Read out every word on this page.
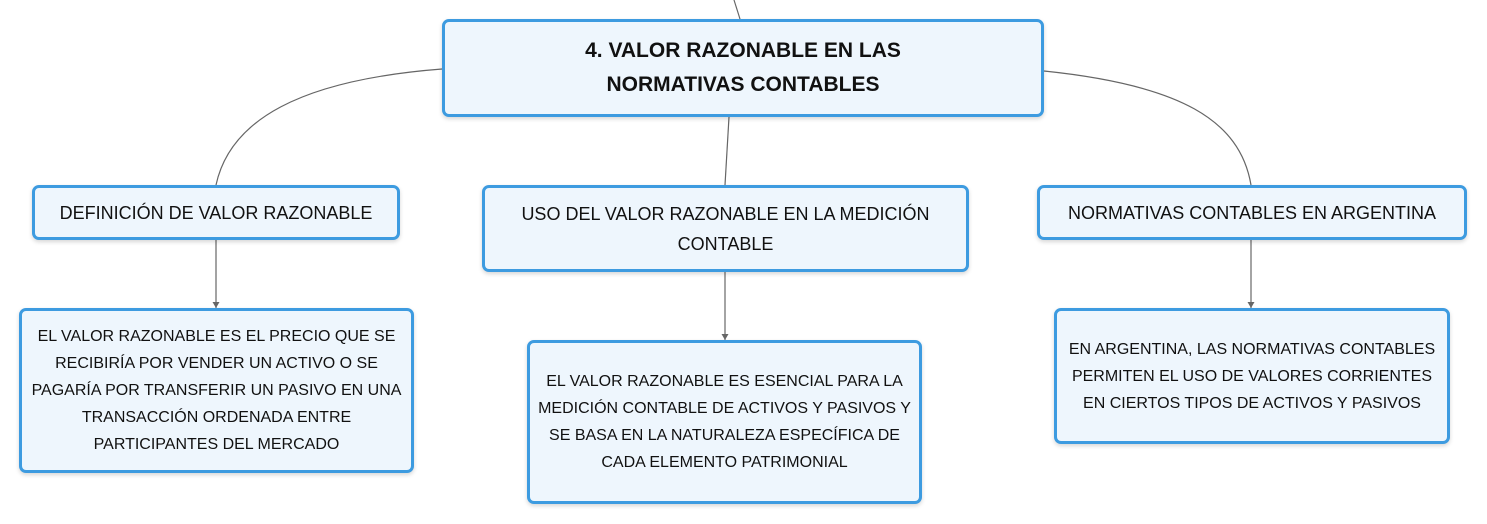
4. VALOR RAZONABLE EN LAS NORMATIVAS CONTABLES
DEFINICIÓN DE VALOR RAZONABLE	USO DEL VALOR RAZONABLE EN LA MEDICIÓN CONTABLE
NORMATIVAS CONTABLES EN ARGENTINA
EL VALOR RAZONABLE ES EL PRECIO QUE SE RECIBIRÍA POR VENDER UN ACTIVO O SE PAGARÍA POR TRANSFERIR UN PASIVO EN UNA TRANSACCIÓN ORDENADA ENTRE PARTICIPANTES DEL MERCADO
EL VALOR RAZONABLE ES ESENCIAL PARA LA MEDICIÓN CONTABLE DE ACTIVOS Y PASIVOS Y SE BASA EN LA NATURALEZA ESPECÍFICA DE CADA ELEMENTO PATRIMONIAL
EN ARGENTINA, LAS NORMATIVAS CONTABLES PERMITEN EL USO DE VALORES CORRIENTES EN CIERTOS TIPOS DE ACTIVOS Y PASIVOS
